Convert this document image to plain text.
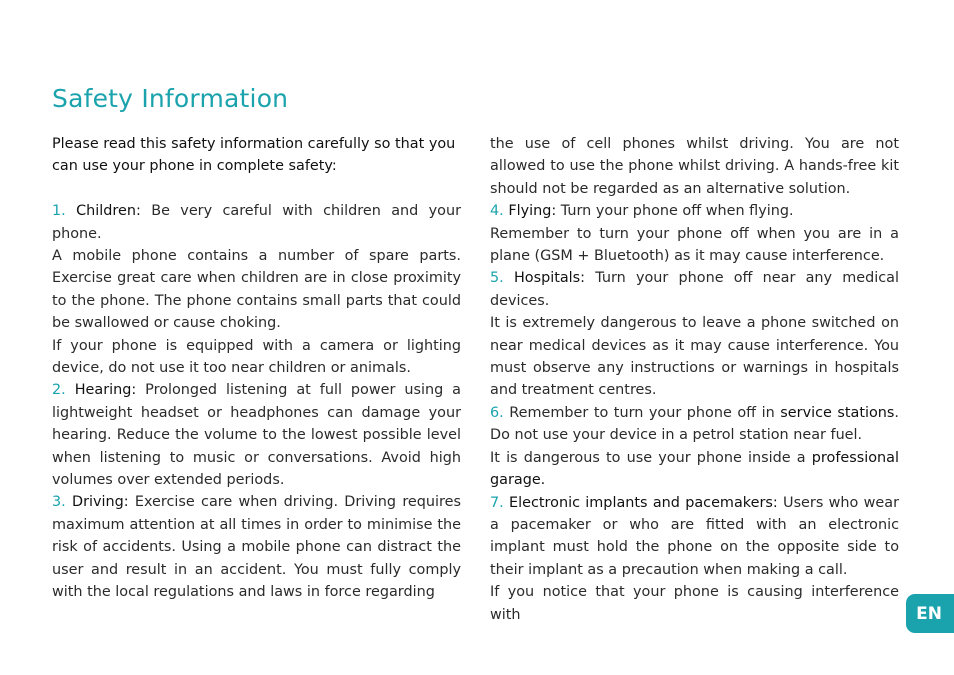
Safety Information

Please read this safety information carefully so that you can use your phone in complete safety:

1. Children: Be very careful with children and your phone.

A mobile phone contains a number of spare parts. Exercise great care when children are in close proximity to the phone. The phone contains small parts that could be swallowed or cause choking.

If your phone is equipped with a camera or lighting device, do not use it too near children or animals.

2. Hearing: Prolonged listening at full power using a lightweight headset or headphones can damage your hearing. Reduce the volume to the lowest possible level when listening to music or conversations. Avoid high volumes over extended periods.

3. Driving: Exercise care when driving. Driving requires maximum attention at all times in order to minimise the risk of accidents. Using a mobile phone can distract the user and result in an accident. You must fully comply with the local regulations and laws in force regarding

the use of cell phones whilst driving. You are not allowed to use the phone whilst driving. A hands-free kit should not be regarded as an alternative solution.

4. Flying: Turn your phone off when flying.

Remember to turn your phone off when you are in a plane (GSM + Bluetooth) as it may cause interference.

5. Hospitals: Turn your phone off near any medical devices.

It is extremely dangerous to leave a phone switched on near medical devices as it may cause interference. You must observe any instructions or warnings in hospitals and treatment centres.

6. Remember to turn your phone off in service stations. Do not use your device in a petrol station near fuel.

It is dangerous to use your phone inside a professional garage.

7. Electronic implants and pacemakers: Users who wear a pacemaker or who are fitted with an electronic implant must hold the phone on the opposite side to their implant as a precaution when making a call.

If you notice that your phone is causing interference with	EN
